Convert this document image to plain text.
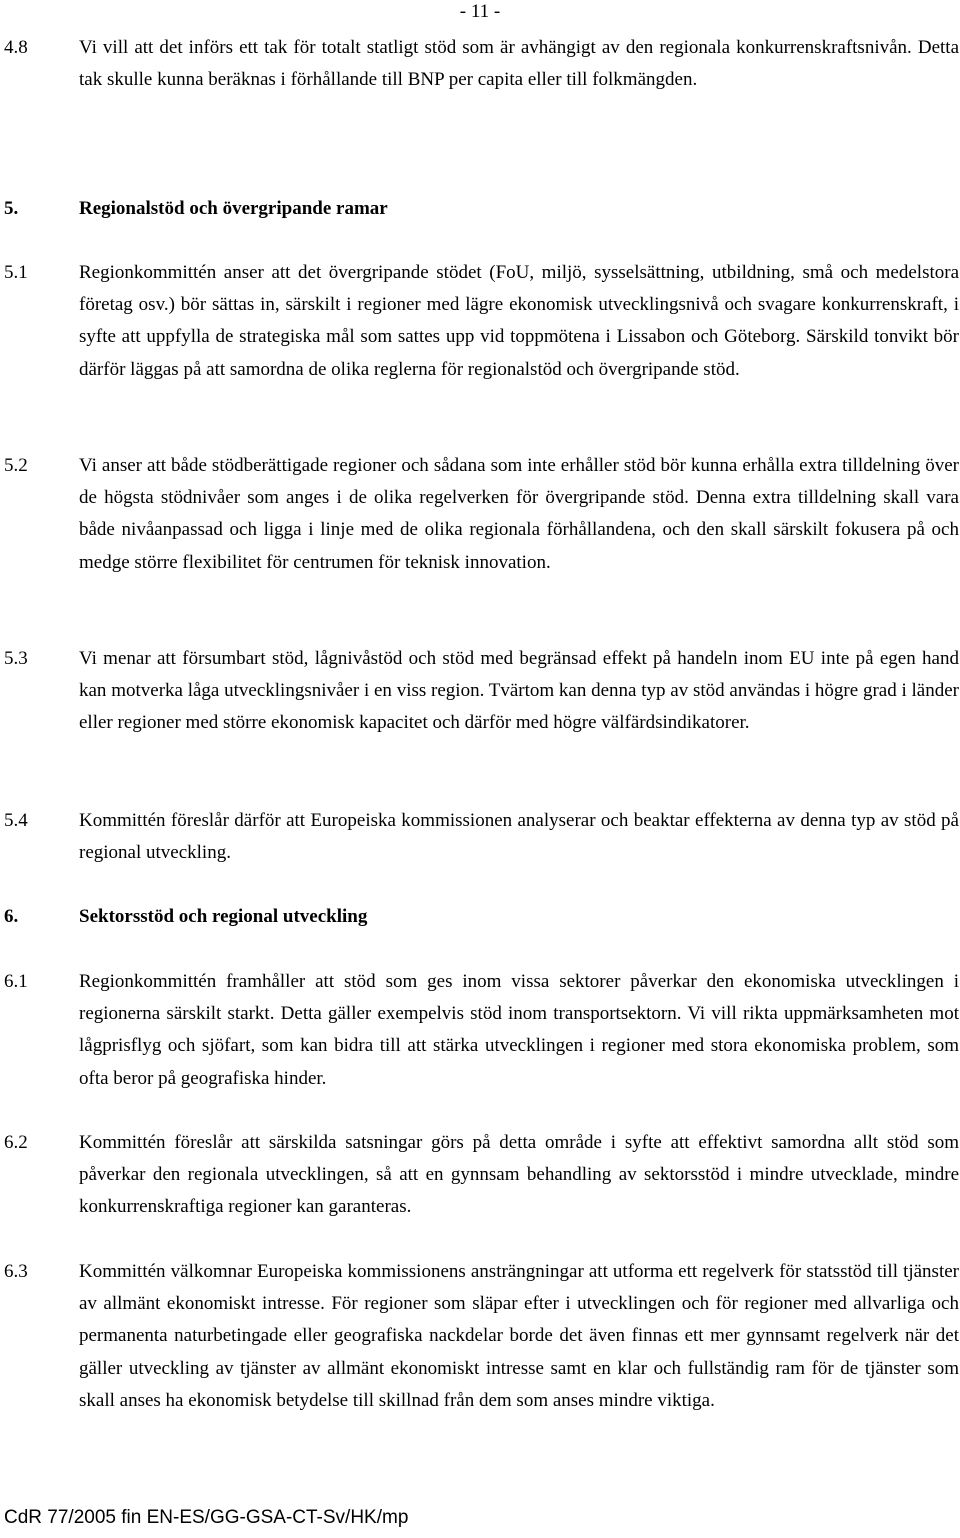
- 11 -
4.8	Vi vill att det införs ett tak för totalt statligt stöd som är avhängigt av den regionala konkurrenskraftsnivån. Detta tak skulle kunna beräknas i förhållande till BNP per capita eller till folkmängden.
5.	Regionalstöd och övergripande ramar
5.1	Regionkommittén anser att det övergripande stödet (FoU, miljö, sysselsättning, utbildning, små och medelstora företag osv.) bör sättas in, särskilt i regioner med lägre ekonomisk utvecklingsnivå och svagare konkurrenskraft, i syfte att uppfylla de strategiska mål som sattes upp vid toppmötena i Lissabon och Göteborg. Särskild tonvikt bör därför läggas på att samordna de olika reglerna för regionalstöd och övergripande stöd.
5.2	Vi anser att både stödberättigade regioner och sådana som inte erhåller stöd bör kunna erhålla extra tilldelning över de högsta stödnivåer som anges i de olika regelverken för övergripande stöd. Denna extra tilldelning skall vara både nivåanpassad och ligga i linje med de olika regionala förhållandena, och den skall särskilt fokusera på och medge större flexibilitet för centrumen för teknisk innovation.
5.3	Vi menar att försumbart stöd, lågnivåstöd och stöd med begränsad effekt på handeln inom EU inte på egen hand kan motverka låga utvecklingsnivåer i en viss region. Tvärtom kan denna typ av stöd användas i högre grad i länder eller regioner med större ekonomisk kapacitet och därför med högre välfärdsindikatorer.
5.4	Kommittén föreslår därför att Europeiska kommissionen analyserar och beaktar effekterna av denna typ av stöd på regional utveckling.
6.	Sektorsstöd och regional utveckling
6.1	Regionkommittén framhåller att stöd som ges inom vissa sektorer påverkar den ekonomiska utvecklingen i regionerna särskilt starkt. Detta gäller exempelvis stöd inom transportsektorn. Vi vill rikta uppmärksamheten mot lågprisflyg och sjöfart, som kan bidra till att stärka utvecklingen i regioner med stora ekonomiska problem, som ofta beror på geografiska hinder.
6.2	Kommittén föreslår att särskilda satsningar görs på detta område i syfte att effektivt samordna allt stöd som påverkar den regionala utvecklingen, så att en gynnsam behandling av sektorsstöd i mindre utvecklade, mindre konkurrenskraftiga regioner kan garanteras.
6.3	Kommittén välkomnar Europeiska kommissionens ansträngningar att utforma ett regelverk för statsstöd till tjänster av allmänt ekonomiskt intresse. För regioner som släpar efter i utvecklingen och för regioner med allvarliga och permanenta naturbetingade eller geografiska nackdelar borde det även finnas ett mer gynnsamt regelverk när det gäller utveckling av tjänster av allmänt ekonomiskt intresse samt en klar och fullständig ram för de tjänster som skall anses ha ekonomisk betydelse till skillnad från dem som anses mindre viktiga.
CdR 77/2005 fin EN-ES/GG-GSA-CT-Sv/HK/mp
